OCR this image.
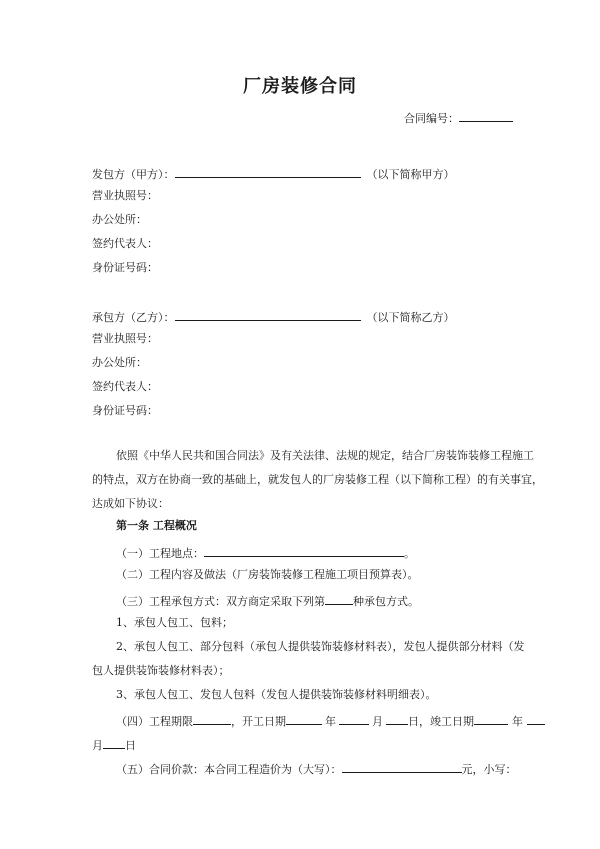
厂房装修合同
合同编号：
发包方（甲方）：	（以下简称甲方）
营业执照号：
办公处所：
签约代表人：
身份证号码：
承包方（乙方）：	（以下简称乙方）
营业执照号：
办公处所：
签约代表人：
身份证号码：
依照《中华人民共和国合同法》及有关法律、法规的规定，结合厂房装饰装修工程施工
的特点，双方在协商一致的基础上，就发包人的厂房装修工程（以下简称工程）的有关事宜，
达成如下协议：
第一条 工程概况
（一）工程地点：	。
（二）工程内容及做法（厂房装饰装修工程施工项目预算表）。
（三）工程承包方式：双方商定采取下列第	种承包方式。
1、承包人包工、包料；
2、承包人包工、部分包料（承包人提供装饰装修材料表），发包人提供部分材料（发
包人提供装饰装修材料表）；
3、承包人包工、发包人包料（发包人提供装饰装修材料明细表）。
（四）工程期限	，开工日期	年	月 日，竣工日期	年
月 日
（五）合同价款：本合同工程造价为（大写）：	元，小写：
